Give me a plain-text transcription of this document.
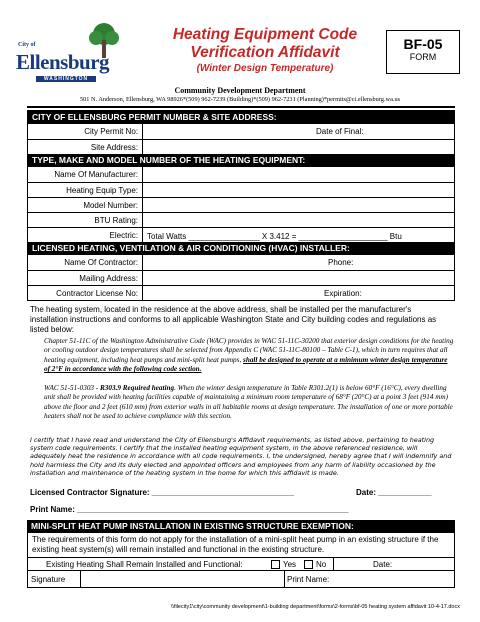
City of
Ellensburg
WASHINGTON
Heating Equipment Code
Verification Affidavit
(Winter Design Temperature)
BF-05
FORM
Community Development Department
501 N. Anderson, Ellensburg, WA 98926*(509) 962-7239 (Building)*(509) 962-7231 (Planning)*permits@ci.ellensburg.wa.us
CITY OF ELLENSBURG PERMIT NUMBER & SITE ADDRESS:
City Permit No:	Date of Final:
Site Address:
TYPE, MAKE AND MODEL NUMBER OF THE HEATING EQUIPMENT:
Name Of Manufacturer:
Heating Equip Type:
Model Number:
BTU Rating:
Electric: Total Watts ________________ X 3.412 = ____________________ Btu
LICENSED HEATING, VENTILATION & AIR CONDITIONING (HVAC) INSTALLER:
Name Of Contractor:	Phone:
Mailing Address:
Contractor License No:	Expiration:
The heating system, located in the residence at the above address, shall be installed per the manufacturer's installation instructions and conforms to all applicable Washington State and City building codes and regulations as listed below:
Chapter 51-11C of the Washington Administrative Code (WAC) provides in WAC 51-11C-30200 that exterior design conditions for the heating or cooling outdoor design temperatures shall be selected from Appendix C (WAC 51-11C-80100 – Table C-1), which in turn requires that all heating equipment, including heat pumps and mini-split heat pumps, shall be designed to operate at a minimum winter design temperature of 2°F in accordance with the following code section.
WAC 51-51-0303 - R303.9 Required heating. When the winter design temperature in Table R301.2(1) is below 60°F (16°C), every dwelling unit shall be provided with heating facilities capable of maintaining a minimum room temperature of 68°F (20°C) at a point 3 feet (914 mm) above the floor and 2 feet (610 mm) from exterior walls in all habitable rooms at design temperature. The installation of one or more portable heaters shall not be used to achieve compliance with this section.
I certify that I have read and understand the City of Ellensburg's Affidavit requirements, as listed above, pertaining to heating system code requirements. I certify that the installed heating equipment system, in the above referenced residence, will adequately heat the residence in accordance with all code requirements. I, the undersigned, hereby agree that I will indemnify and hold harmless the City and its duly elected and appointed officers and employees from any harm of liability occasioned by the installation and maintenance of the heating system in the home for which this affidavit is made.
Licensed Contractor Signature: ________________________________	Date: ____________
Print Name: _____________________________________________________________
MINI-SPLIT HEAT PUMP INSTALLATION IN EXISTING STRUCTURE EXEMPTION:
The requirements of this form do not apply for the installation of a mini-split heat pump in an existing structure if the existing heat system(s) will remain installed and functional in the existing structure.
Existing Heating Shall Remain Installed and Functional:	Yes No	Date:
Signature	Print Name:
\\filecity1\city\community development\1-building department\forms\2-forms\bf-05 heating system affidavit 10-4-17.docx
